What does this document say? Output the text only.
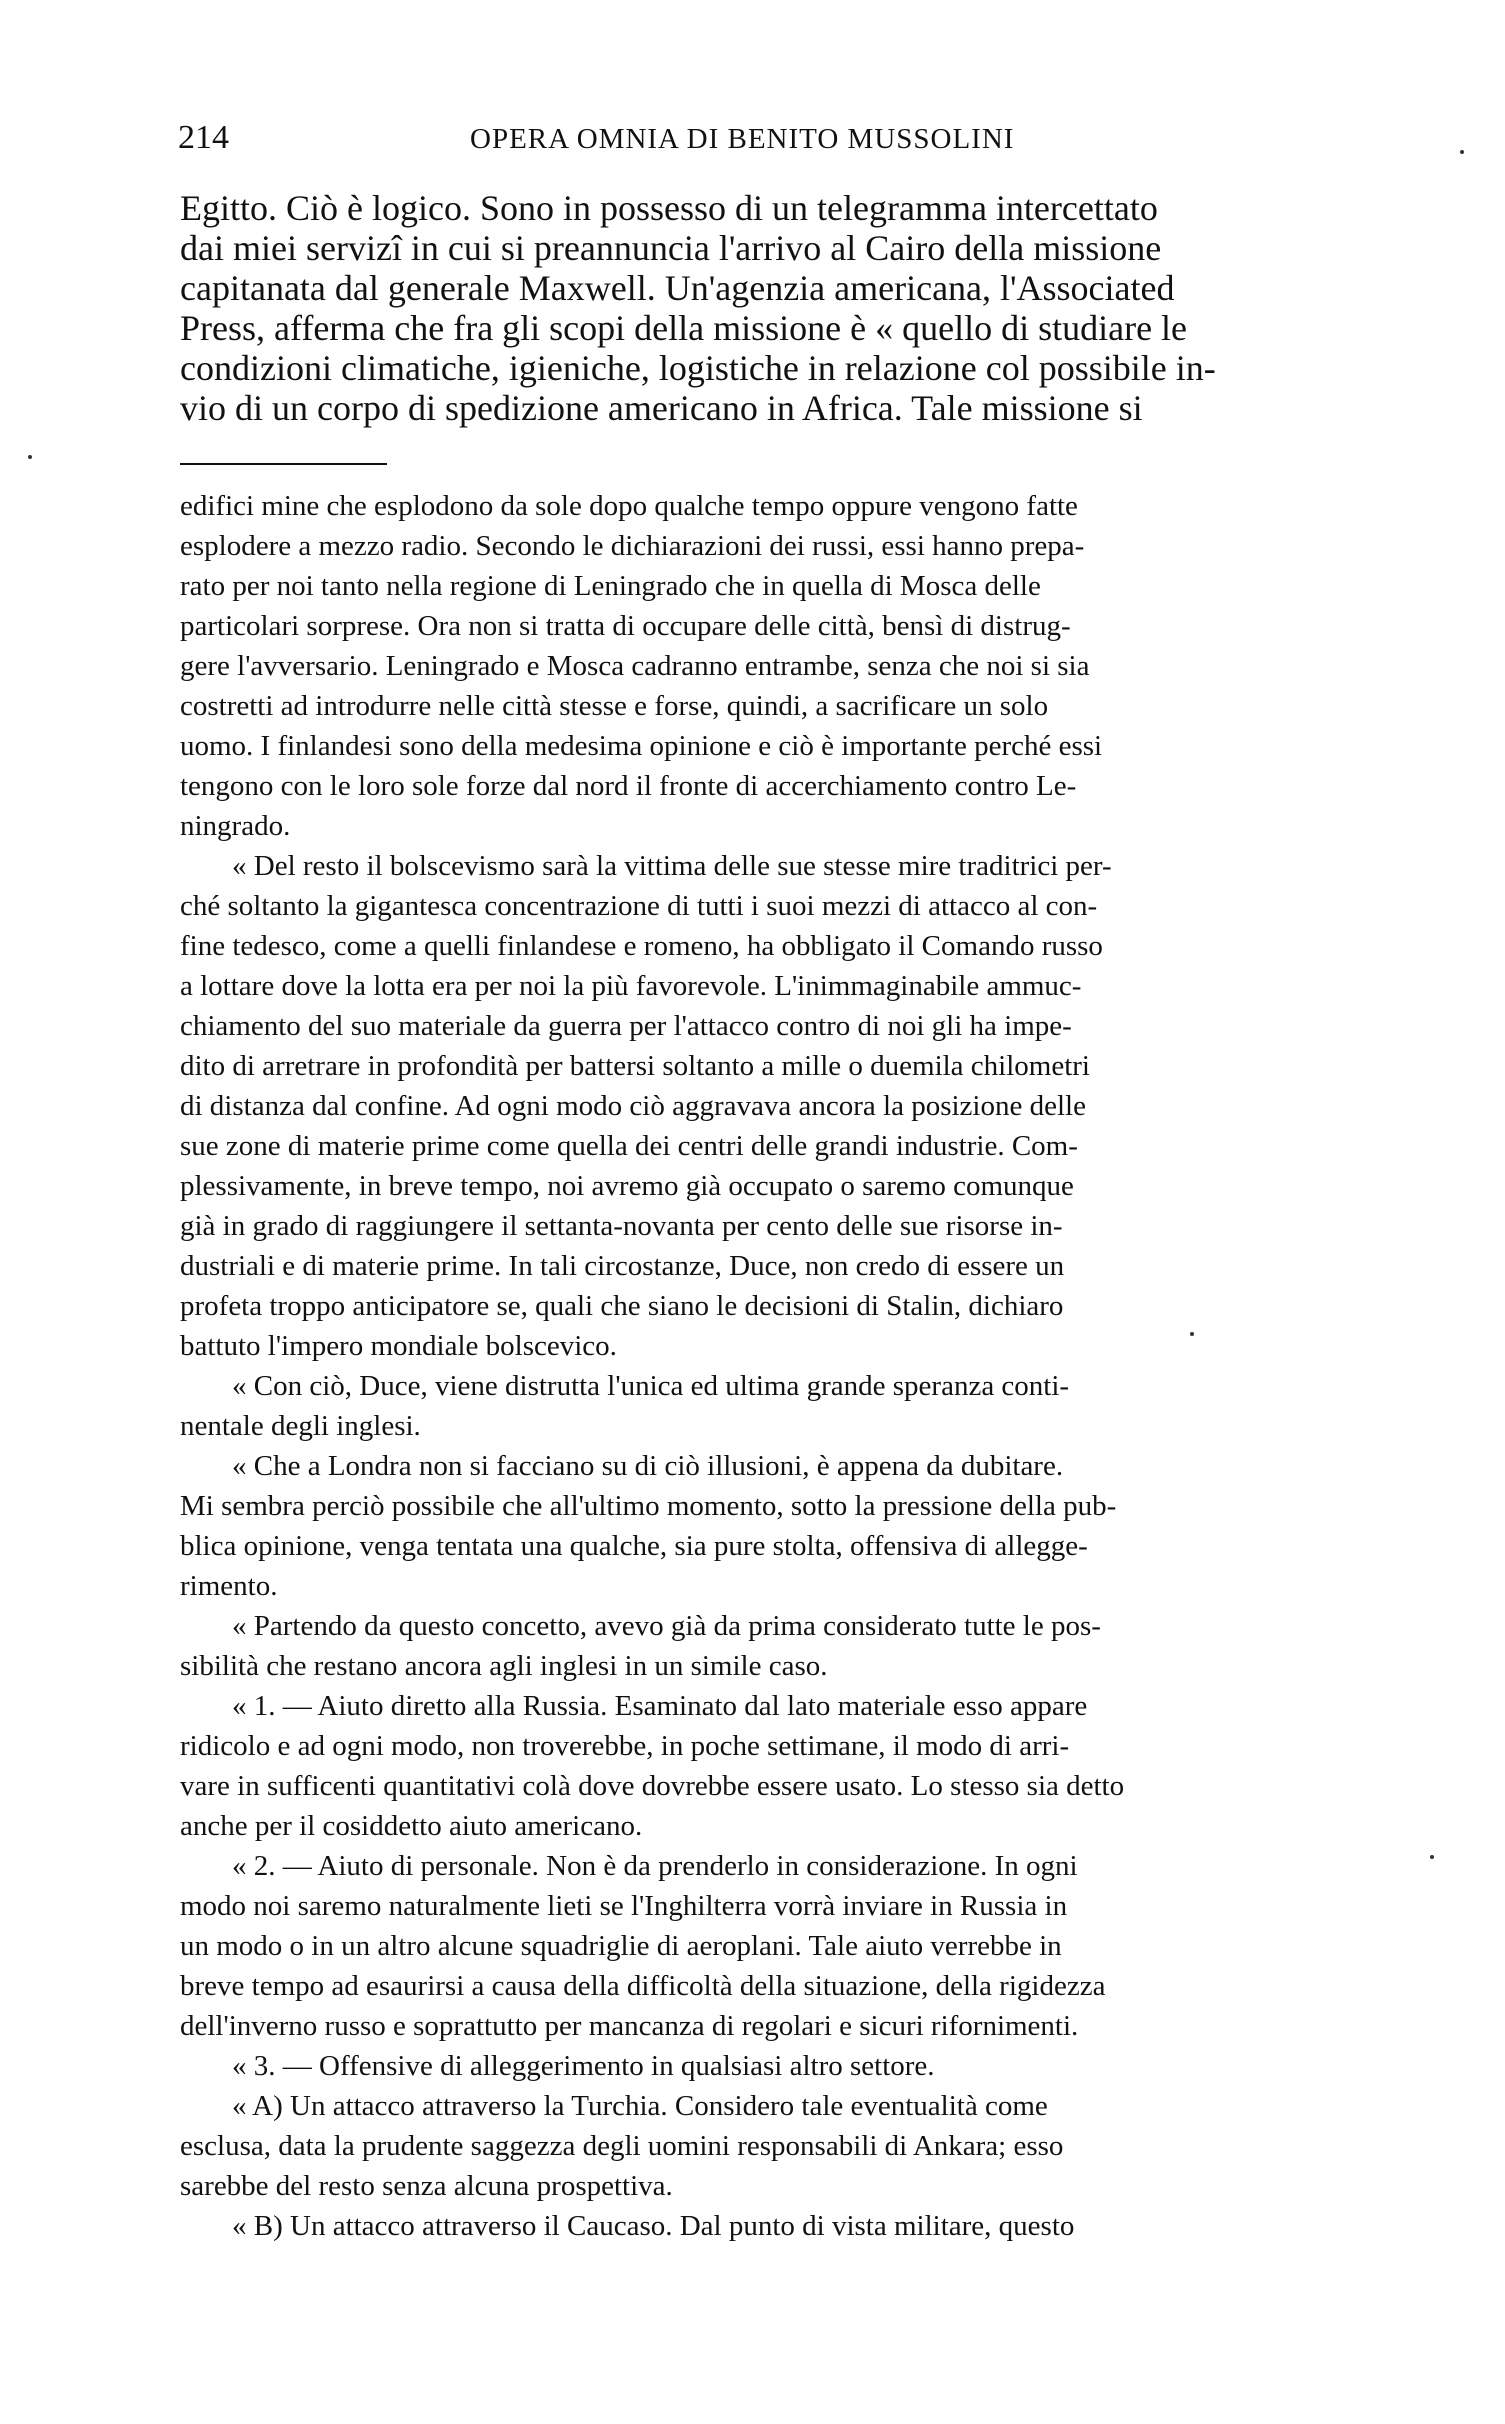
214	OPERA OMNIA DI BENITO MUSSOLINI
Egitto. Ciò è logico. Sono in possesso di un telegramma intercettato
dai miei servizî in cui si preannuncia l'arrivo al Cairo della missione
capitanata dal generale Maxwell. Un'agenzia americana, l'Associated
Press, afferma che fra gli scopi della missione è « quello di studiare le
condizioni climatiche, igieniche, logistiche in relazione col possibile in-
vio di un corpo di spedizione americano in Africa. Tale missione si
edifici mine che esplodono da sole dopo qualche tempo oppure vengono fatte
esplodere a mezzo radio. Secondo le dichiarazioni dei russi, essi hanno prepa-
rato per noi tanto nella regione di Leningrado che in quella di Mosca delle
particolari sorprese. Ora non si tratta di occupare delle città, bensì di distrug-
gere l'avversario. Leningrado e Mosca cadranno entrambe, senza che noi si sia
costretti ad introdurre nelle città stesse e forse, quindi, a sacrificare un solo
uomo. I finlandesi sono della medesima opinione e ciò è importante perché essi
tengono con le loro sole forze dal nord il fronte di accerchiamento contro Le-
ningrado.
« Del resto il bolscevismo sarà la vittima delle sue stesse mire traditrici per-
ché soltanto la gigantesca concentrazione di tutti i suoi mezzi di attacco al con-
fine tedesco, come a quelli finlandese e romeno, ha obbligato il Comando russo
a lottare dove la lotta era per noi la più favorevole. L'inimmaginabile ammuc-
chiamento del suo materiale da guerra per l'attacco contro di noi gli ha impe-
dito di arretrare in profondità per battersi soltanto a mille o duemila chilometri
di distanza dal confine. Ad ogni modo ciò aggravava ancora la posizione delle
sue zone di materie prime come quella dei centri delle grandi industrie. Com-
plessivamente, in breve tempo, noi avremo già occupato o saremo comunque
già in grado di raggiungere il settanta-novanta per cento delle sue risorse in-
dustriali e di materie prime. In tali circostanze, Duce, non credo di essere un
profeta troppo anticipatore se, quali che siano le decisioni di Stalin, dichiaro
battuto l'impero mondiale bolscevico.
« Con ciò, Duce, viene distrutta l'unica ed ultima grande speranza conti-
nentale degli inglesi.
« Che a Londra non si facciano su di ciò illusioni, è appena da dubitare.
Mi sembra perciò possibile che all'ultimo momento, sotto la pressione della pub-
blica opinione, venga tentata una qualche, sia pure stolta, offensiva di allegge-
rimento.
« Partendo da questo concetto, avevo già da prima considerato tutte le pos-
sibilità che restano ancora agli inglesi in un simile caso.
« 1. — Aiuto diretto alla Russia. Esaminato dal lato materiale esso appare
ridicolo e ad ogni modo, non troverebbe, in poche settimane, il modo di arri-
vare in sufficenti quantitativi colà dove dovrebbe essere usato. Lo stesso sia detto
anche per il cosiddetto aiuto americano.
« 2. — Aiuto di personale. Non è da prenderlo in considerazione. In ogni
modo noi saremo naturalmente lieti se l'Inghilterra vorrà inviare in Russia in
un modo o in un altro alcune squadriglie di aeroplani. Tale aiuto verrebbe in
breve tempo ad esaurirsi a causa della difficoltà della situazione, della rigidezza
dell'inverno russo e soprattutto per mancanza di regolari e sicuri rifornimenti.
« 3. — Offensive di alleggerimento in qualsiasi altro settore.
« A) Un attacco attraverso la Turchia. Considero tale eventualità come
esclusa, data la prudente saggezza degli uomini responsabili di Ankara; esso
sarebbe del resto senza alcuna prospettiva.
« B) Un attacco attraverso il Caucaso. Dal punto di vista militare, questo
